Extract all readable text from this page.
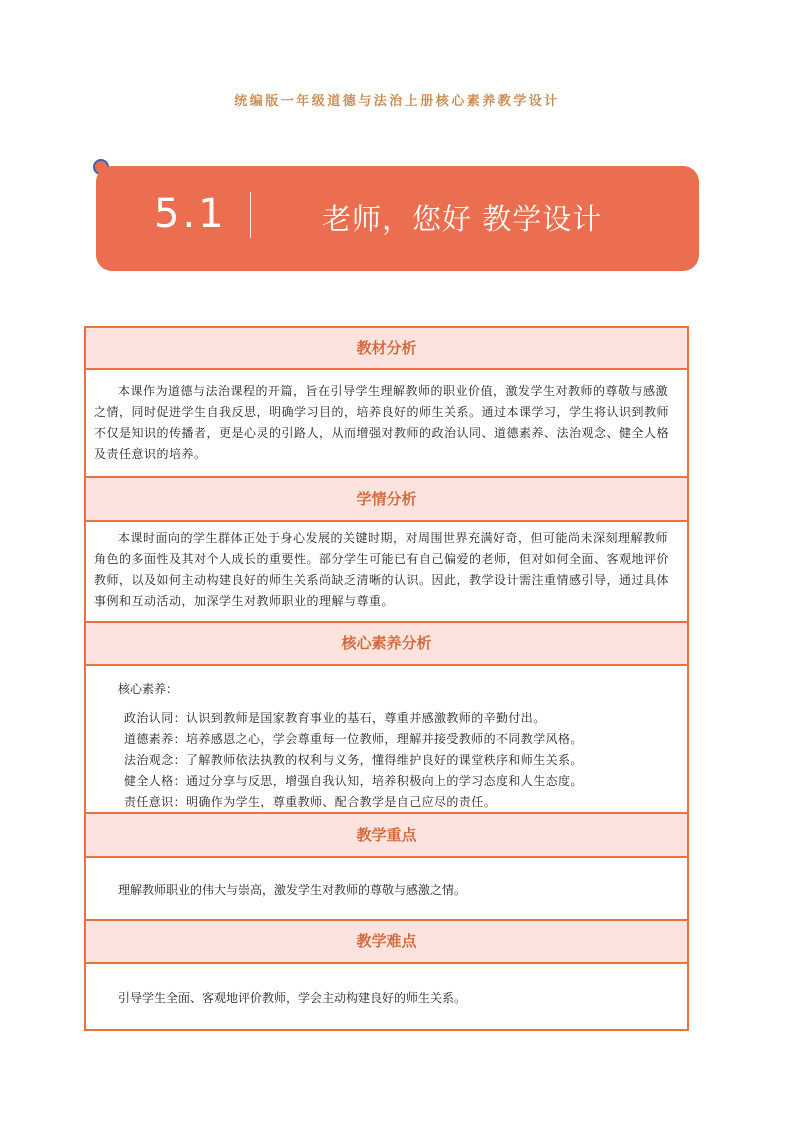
统编版一年级道德与法治上册核心素养教学设计
5.1	老师，您好 教学设计
教材分析
本课作为道德与法治课程的开篇，旨在引导学生理解教师的职业价值，激发学生对教师的尊敬与感激之情，同时促进学生自我反思，明确学习目的，培养良好的师生关系。通过本课学习，学生将认识到教师不仅是知识的传播者，更是心灵的引路人，从而增强对教师的政治认同、道德素养、法治观念、健全人格及责任意识的培养。
学情分析
本课时面向的学生群体正处于身心发展的关键时期，对周围世界充满好奇，但可能尚未深刻理解教师角色的多面性及其对个人成长的重要性。部分学生可能已有自己偏爱的老师，但对如何全面、客观地评价教师，以及如何主动构建良好的师生关系尚缺乏清晰的认识。因此，教学设计需注重情感引导，通过具体事例和互动活动，加深学生对教师职业的理解与尊重。
核心素养分析
核心素养：
政治认同：认识到教师是国家教育事业的基石，尊重并感激教师的辛勤付出。
道德素养：培养感恩之心，学会尊重每一位教师，理解并接受教师的不同教学风格。
法治观念：了解教师依法执教的权利与义务，懂得维护良好的课堂秩序和师生关系。
健全人格：通过分享与反思，增强自我认知，培养积极向上的学习态度和人生态度。
责任意识：明确作为学生，尊重教师、配合教学是自己应尽的责任。
教学重点
理解教师职业的伟大与崇高，激发学生对教师的尊敬与感激之情。
教学难点
引导学生全面、客观地评价教师，学会主动构建良好的师生关系。
